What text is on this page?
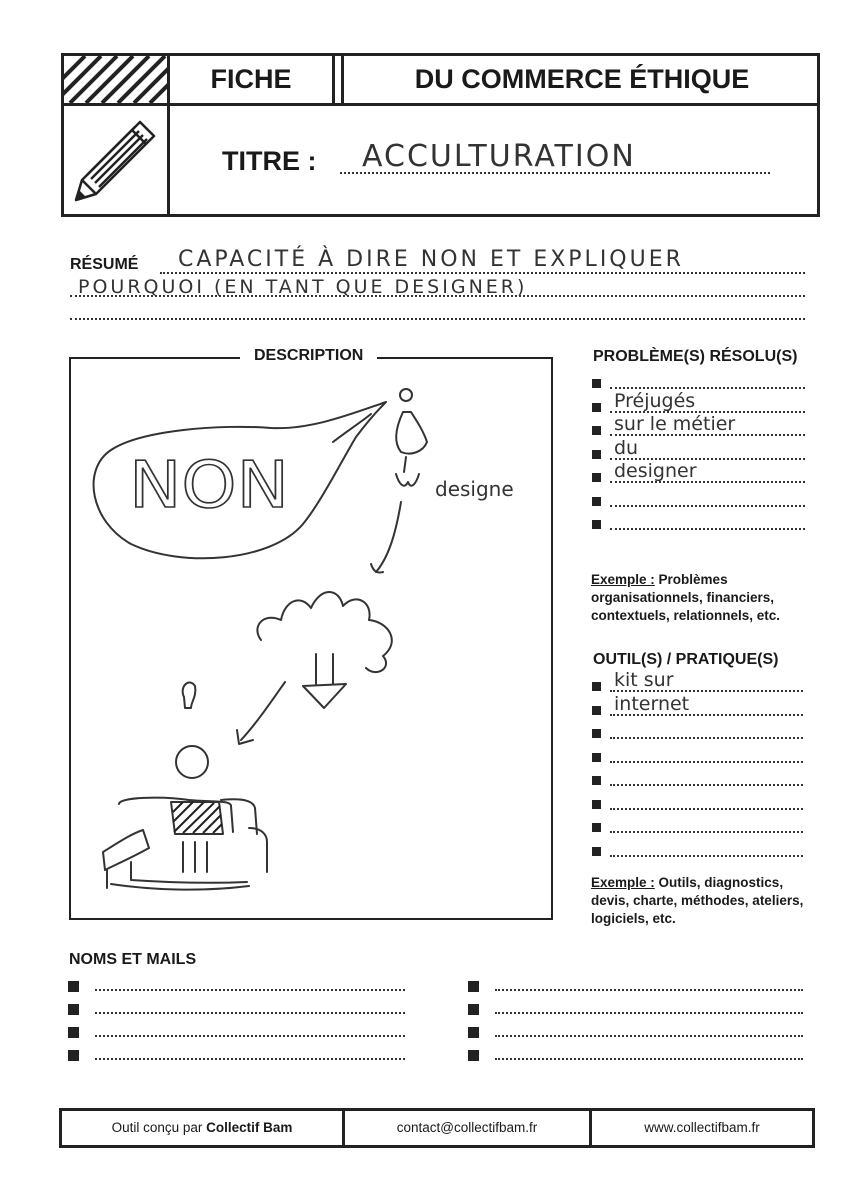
FICHE	DU COMMERCE ÉTHIQUE
TITRE : ACCULTURATION
RÉSUMÉ CAPACITÉ À DIRE NON ET EXPLIQUER
POURQUOI (EN TANT QUE DESIGNER)
DESCRIPTION
NON	designe
PROBLÈME(S) RÉSOLU(S)
Préjugés
sur le métier
du
designer
Exemple : Problèmes organisationnels, financiers, contextuels, relationnels, etc.
OUTIL(S) / PRATIQUE(S)
kit sur
internet
Exemple : Outils, diagnostics, devis, charte, méthodes, ateliers, logiciels, etc.
NOMS ET MAILS
Outil conçu par Collectif Bam	contact@collectifbam.fr	www.collectifbam.fr
